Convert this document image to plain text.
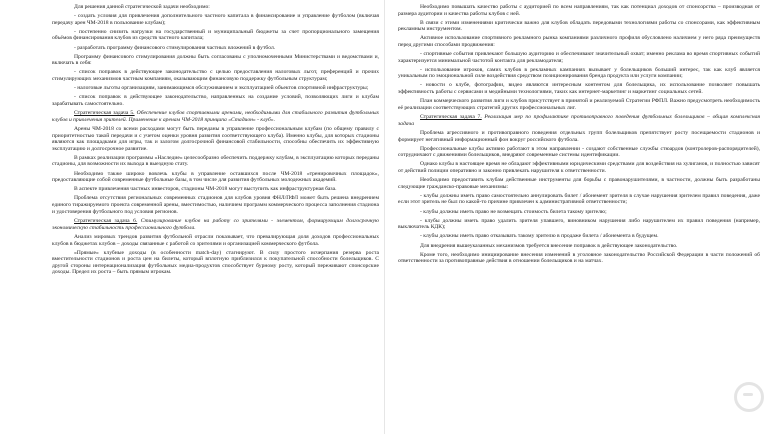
Для решения данной стратегической задачи необходимо:

- создать условия для привлечения дополнительного частного капитала в финансирование и управление футболом (включая передачу арен ЧМ-2018 в пользование клубам);

- постепенно снизить нагрузки на государственный и муниципальный бюджеты за счет пропорционального замещения объёмов финансирования клубов из средств частного капитала;

- разработать программу финансового стимулирования частных вложений в футбол.

Программу финансового стимулирования должны быть согласованы с уполномоченными Министерствами и ведомствами и, включать в себя:

- список поправок в действующее законодательство с целью предоставления налоговых льгот, преференций и прочих стимулирующих механизмов частным компаниям, оказывающим финансовую поддержку футбольным структурам;

- налоговые льготы организациям, занимающимся обслуживанием и эксплуатацией объектов спортивной инфраструктуры;

- список поправок в действующее законодательство, направленных на создание условий, позволяющих лиги и клубам зарабатывать самостоятельно.

Стратегическая задача 5. Обеспечение клубов спортивными аренами, необходимыми для стабильного развития футбольных клубов и привлечения зрителей. Применение к аренам ЧМ-2018 принципа «Стадион» - клуб».

Арены ЧМ-2018 со всеми расходами могут быть переданы в управление профессиональным клубам (по общему правилу с приоритетностью такой передачи и с учетом оценки уровня развития соответствующего клуба). Именно клубы, для которых стадионы являются как площадками для игры, так и залогом долгосрочной финансовой стабильности, способны обеспечить их эффективную эксплуатацию и долгосрочное развитие.

В рамках реализации программы «Наследие» целесообразно обеспечить поддержку клубам, в эксплуатацию которых переданы стадионы, для возможности их выхода в выездную стату.

Необходимо также широко вовлечь клубы в управление оставшихся после ЧМ-2018 «тренировочных площадок», предоставляющие собой современные футбольные базы, в том числе для развития футбольных молодежных академий.

В аспекте привлечения частных инвесторов, стадионы ЧМ-2018 могут выступить как инфраструктурная база.

Проблема отсутствия региональных современных стадионов для клубов уровня ФНЛ/ПФЛ может быть решена внедрением единого тиражируемого проекта современной арены, вместимостью, наличием программ коммерческого процесса заполнения стадиона и удостоверения футбольного под условия регионов.

Стратегическая задача 6. Стимулирование клубов на работу со зрителями - элементом, формирующим долгосрочную экономическую стабильность профессионального футбола.

Анализ мировых трендов развития футбольной отрасли показывает, что превалирующая доля доходов профессиональных клубов в бюджетах клубов – доходы связанные с работой со зрителями и организацией коммерческого футбола.

«Прямые» клубные доходы (в особенности match-day) стагнируют. В силу простого исчерпания резерва роста вместительности стадионов и роста цен на билеты, который вплотную приблизился к покупательной способности болельщиков. С другой стороны интернационализация футбольных медиа-продуктов способствует бурному росту, который переживают спонсорские доходы. Предел их роста – быть прямым игрокам.

Необходимо повышать качество работы с аудиторией по всем направлениям, так как потенциал доходов от спонсорства – производная от размера аудитории и качества работы клубов с ней.

В связи с этими изменениями критически важно для клубов обладать передовыми технологиями работы со спонсорами, как эффективным рекламным инструментом.

Активное использование спортивного рекламного рынка компаниями различного профиля обусловлено наличием у него ряда преимуществ перед другими способами продвижения:

- спортивные события привлекают большую аудиторию и обеспечивают значительный охват; именно реклама во время спортивных событий характеризуется минимальной частотой контакта для рекламодателя;

- использование игроков, самих клубов в рекламных кампаниях вызывает у болельщиков больший интерес, так как клуб является уникальным по эмоциональной силе воздействия средством позиционирования бренда продукта или услуги компании;

- новости о клубе, фотографии, видео являются интересным контентом для болельщика, их использование позволяет повышать эффективность работы с сервисами и медийными технологиями, таких как интернет-маркетинг и маркетинг социальных сетей.

План коммерческого развития лиги и клубов присутствует в принятой и реализуемой Стратегии РФПЛ. Важно предусмотреть необходимость её реализации соответствующих стратегий других профессиональных лиг.

Стратегическая задача 7. Реализация мер по профилактике противоправного поведения футбольных болельщиков – общая комплексная задача

Проблема агрессивного и противоправного поведения отдельных групп болельщиков препятствует росту посещаемости стадионов и формирует негативный информационный фон вокруг российского футбола.

Профессиональные клубы активно работают в этом направлении - создают собственные службы стюардов (контролеров-распорядителей), сотрудничают с движениями болельщиков, внедряют современные системы идентификации.

Однако клубы в настоящее время не обладают эффективными юридическими средствами для воздействия на хулиганов, и полностью зависят от действий полиции оперативно и законно привлекать нарушителя к ответственности.

Необходимо предоставить клубам действенные инструменты для борьбы с правонарушителями, в частности, должны быть разработаны следующие гражданско-правовые механизмы:

- клубы должны иметь право самостоятельно аннулировать билет / абонемент зрителя в случае нарушения зрителем правил поведения, даже если этот зритель не был по какой-то причине привлечен к административной ответственности;

- клубы должны иметь право не возмещать стоимость билета такому зрителю;

- клубы должны иметь право удалить зрителя упавшего, виновником нарушения либо нарушителем их правил поведения (например, выключатель КДК);

- клубы должны иметь право отказывать такому зрителю в продаже билета / абонемента в будущем.

Для внедрения вышеуказанных механизмов требуется внесение поправок в действующее законодательство.

Кроме того, необходимо инициирование внесения изменений в уголовное законодательство Российской Федерации в части положений об ответственности за противоправные действия в отношении болельщиков и на матчах.
